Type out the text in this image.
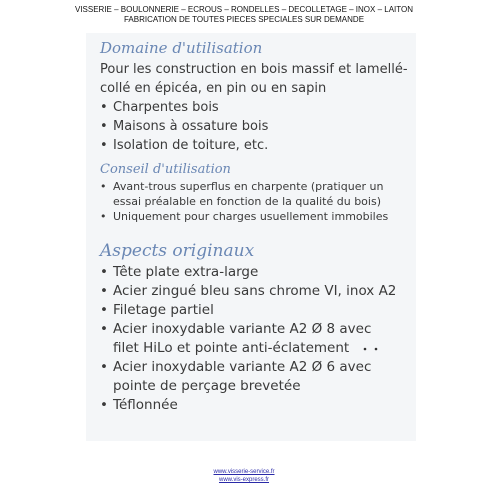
VISSERIE – BOULONNERIE – ECROUS – RONDELLES – DECOLLETAGE – INOX – LAITON
FABRICATION DE TOUTES PIECES SPECIALES SUR DEMANDE
Domaine d'utilisation
Pour les construction en bois massif et lamellé-
collé en épicéa, en pin ou en sapin
• Charpentes bois
• Maisons à ossature bois
• Isolation de toiture, etc.
Conseil d'utilisation
• Avant-trous superflus en charpente (pratiquer un
essai préalable en fonction de la qualité du bois)
• Uniquement pour charges usuellement immobiles
Aspects originaux
• Tête plate extra-large
• Acier zingué bleu sans chrome VI, inox A2
• Filetage partiel
• Acier inoxydable variante A2 Ø 8 avec
filet HiLo et pointe anti-éclatement
• Acier inoxydable variante A2 Ø 6 avec
pointe de perçage brevetée
• Téflonnée
www.visserie-service.fr
www.vis-express.fr
